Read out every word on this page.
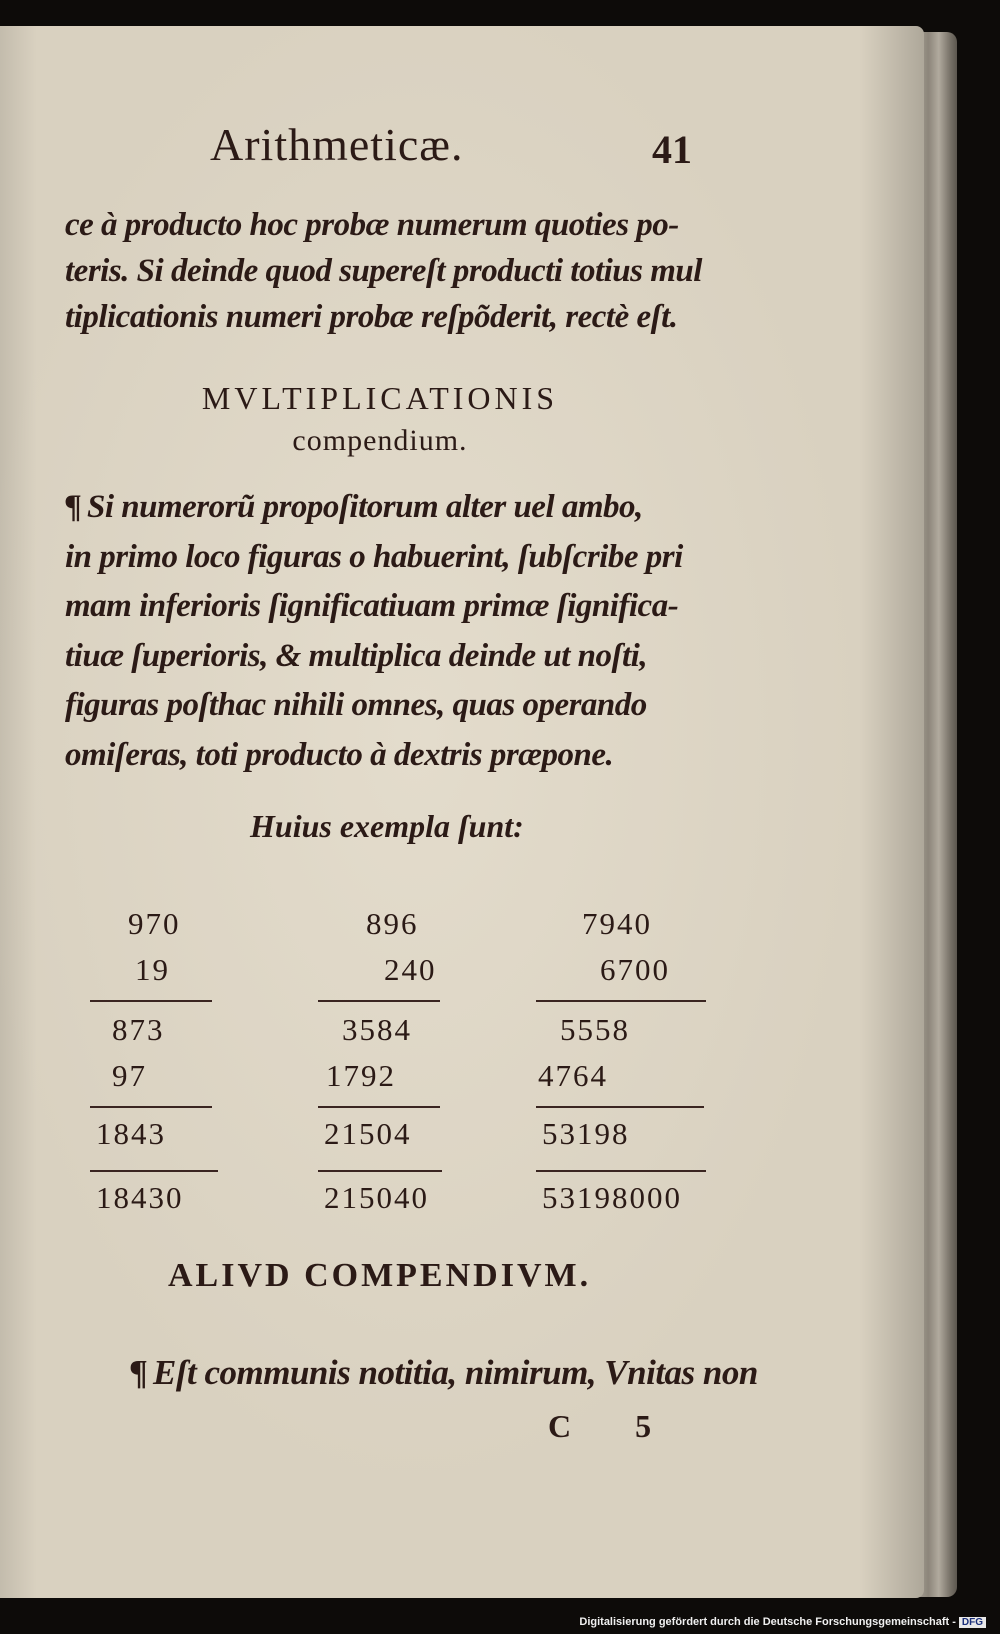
Arithmeticæ.	41
ce à producto hoc probæ numerum quoties po-
teris. Si deinde quod supereſt producti totius mul
tiplicationis numeri probæ reſpõderit, rectè eſt.
MVLTIPLICATIONIS
compendium.
¶ Si numerorũ propoſitorum alter uel ambo,
in primo loco figuras o habuerint, ſubſcribe pri
mam inferioris ſignificatiuam primæ ſignifica-
tiuæ ſuperioris, & multiplica deinde ut noſti,
figuras poſthac nihili omnes, quas operando
omiſeras, toti producto à dextris præpone.
Huius exempla ſunt:
970
19
873
97
1843
18430
896
240
3584
1792
21504
215040
7940
6700
5558
4764
53198
53198000
ALIVD COMPENDIVM.
¶ Eſt communis notitia, nimirum, Vnitas non
C 5
Digitalisierung gefördert durch die Deutsche Forschungsgemeinschaft - DFG
